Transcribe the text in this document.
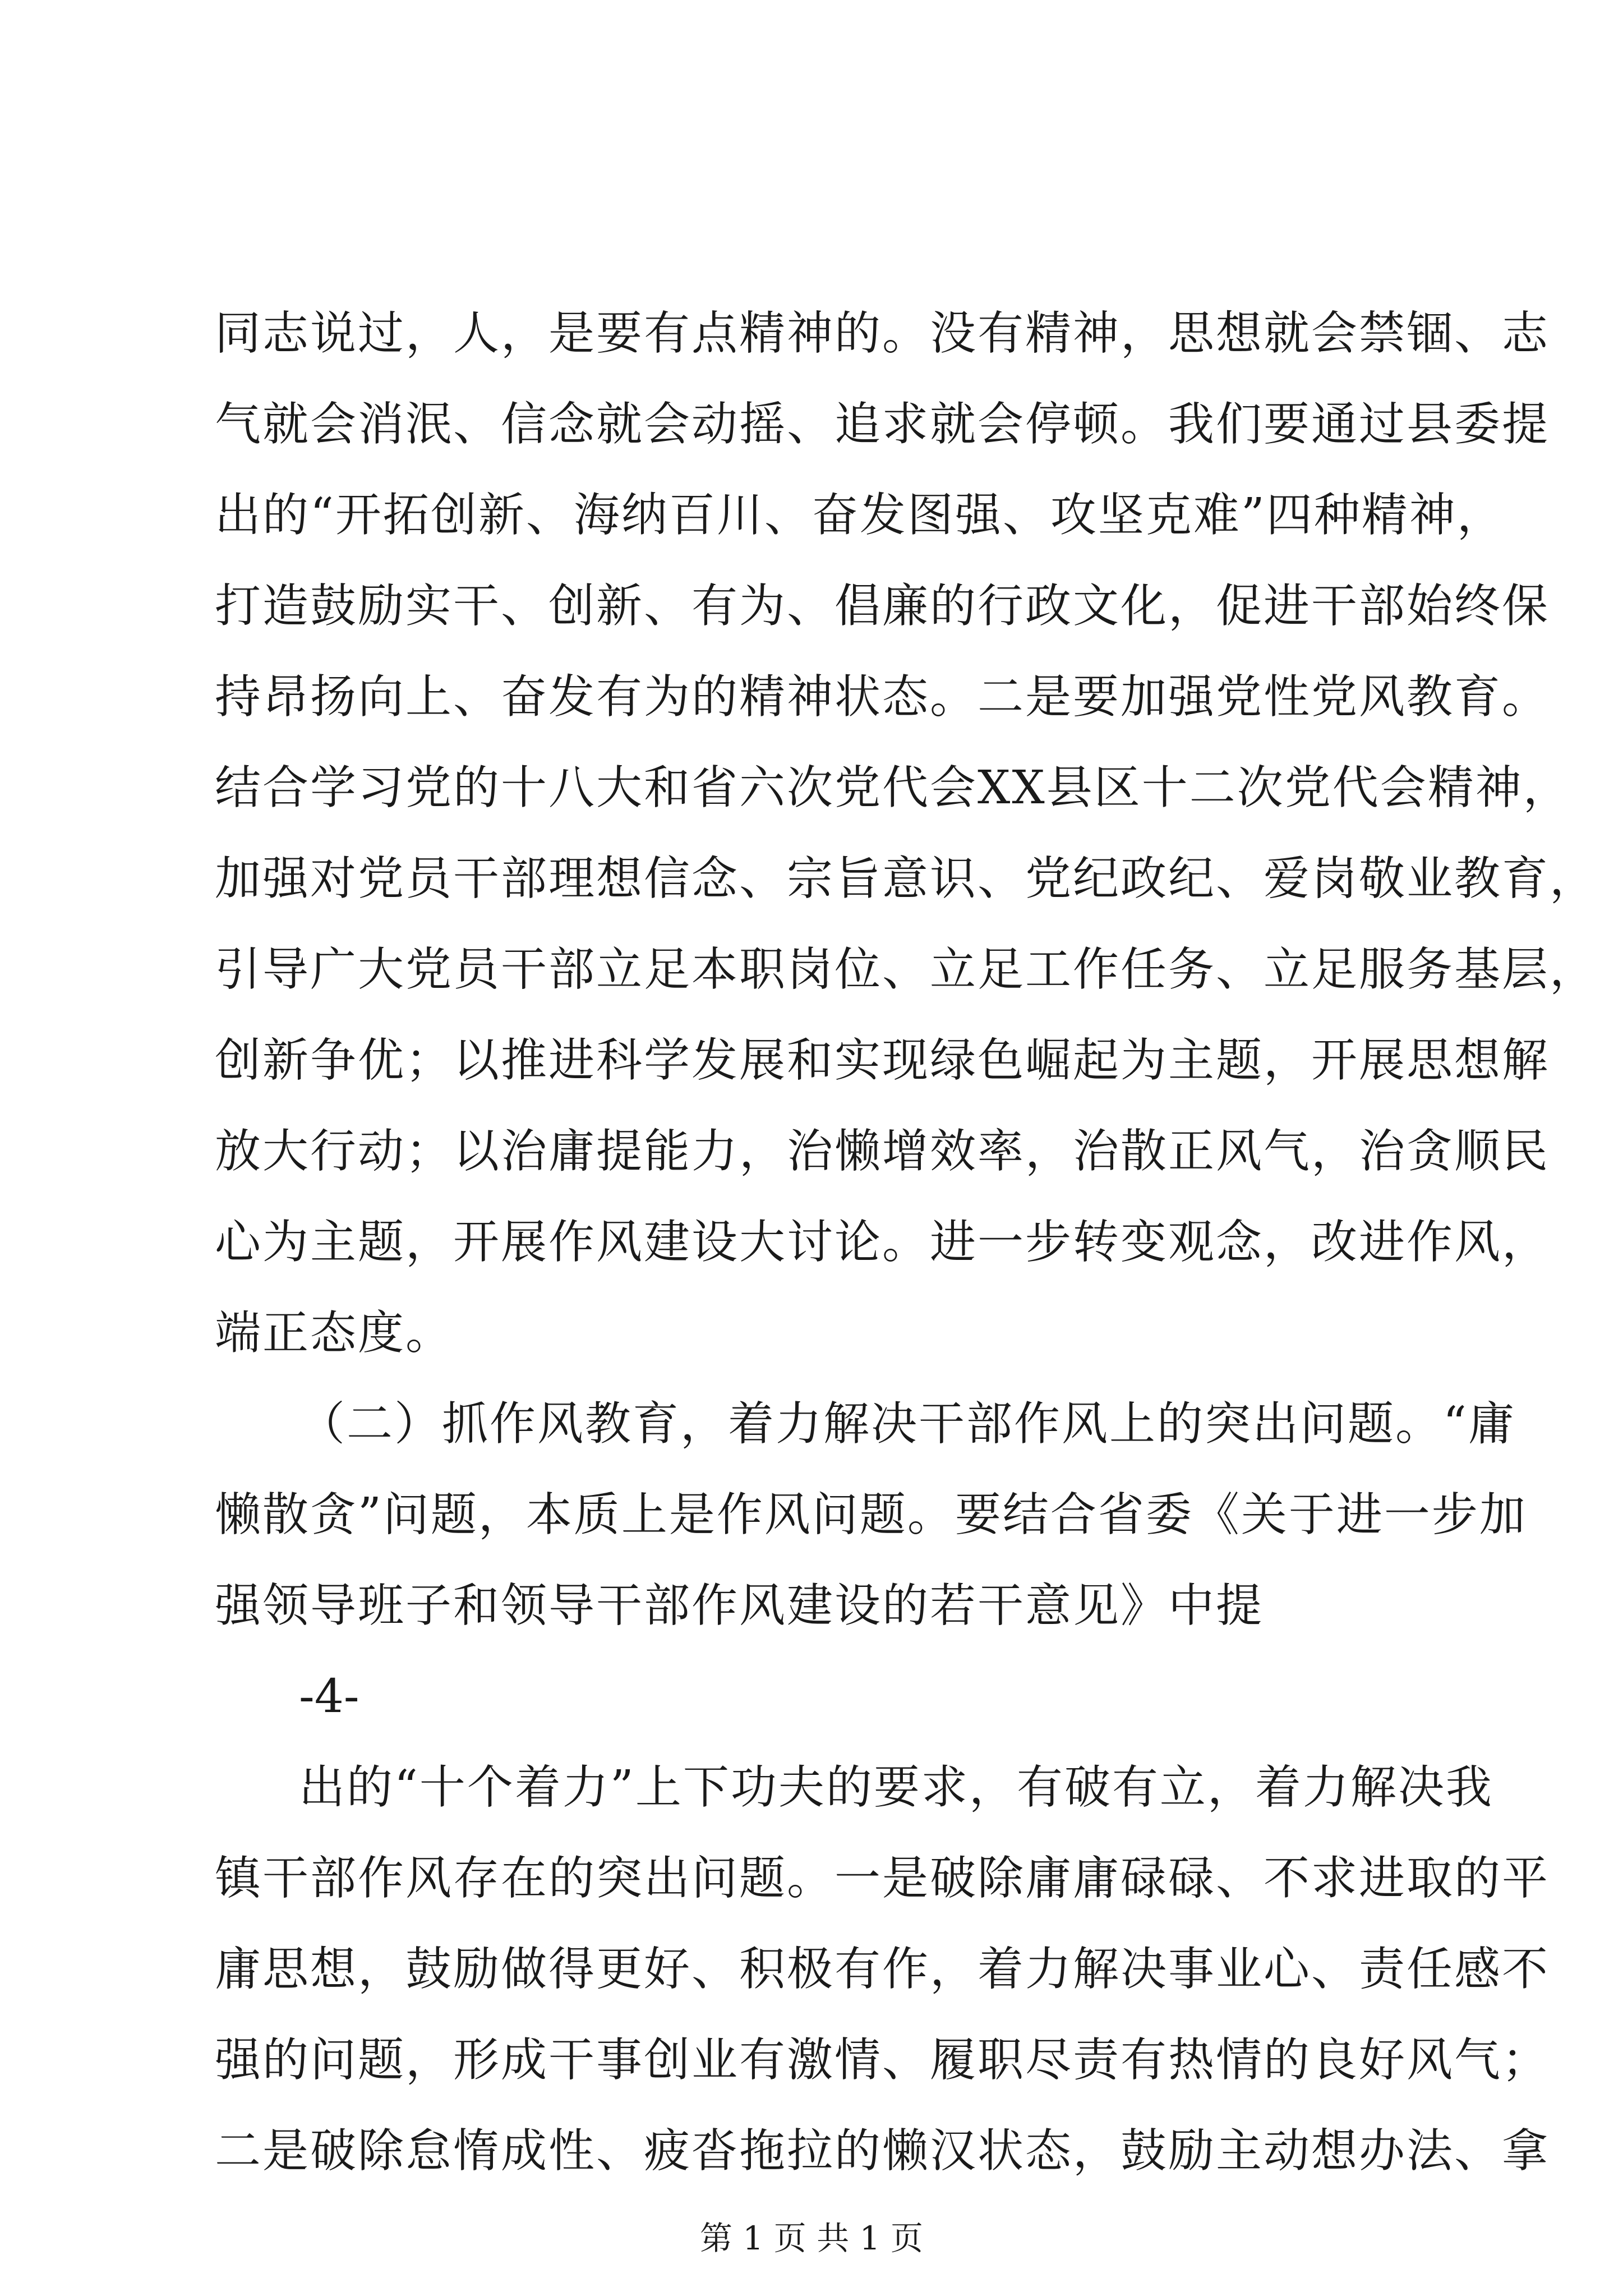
同志说过，人，是要有点精神的。没有精神，思想就会禁锢、志
气就会消泯、信念就会动摇、追求就会停顿。我们要通过县委提
出的“开拓创新、海纳百川、奋发图强、攻坚克难”四种精神，
打造鼓励实干、创新、有为、倡廉的行政文化，促进干部始终保
持昂扬向上、奋发有为的精神状态。二是要加强党性党风教育。
结合学习党的十八大和省六次党代会XX县区十二次党代会精神，
加强对党员干部理想信念、宗旨意识、党纪政纪、爱岗敬业教育，
引导广大党员干部立足本职岗位、立足工作任务、立足服务基层，
创新争优；以推进科学发展和实现绿色崛起为主题，开展思想解
放大行动；以治庸提能力，治懒增效率，治散正风气，治贪顺民
心为主题，开展作风建设大讨论。进一步转变观念，改进作风，
端正态度。
（二）抓作风教育，着力解决干部作风上的突出问题。“庸
懒散贪”问题，本质上是作风问题。要结合省委《关于进一步加
强领导班子和领导干部作风建设的若干意见》中提
-4-
出的“十个着力”上下功夫的要求，有破有立，着力解决我
镇干部作风存在的突出问题。一是破除庸庸碌碌、不求进取的平
庸思想，鼓励做得更好、积极有作，着力解决事业心、责任感不
强的问题，形成干事创业有激情、履职尽责有热情的良好风气；
二是破除怠惰成性、疲沓拖拉的懒汉状态，鼓励主动想办法、拿
第 1 页 共 1 页
